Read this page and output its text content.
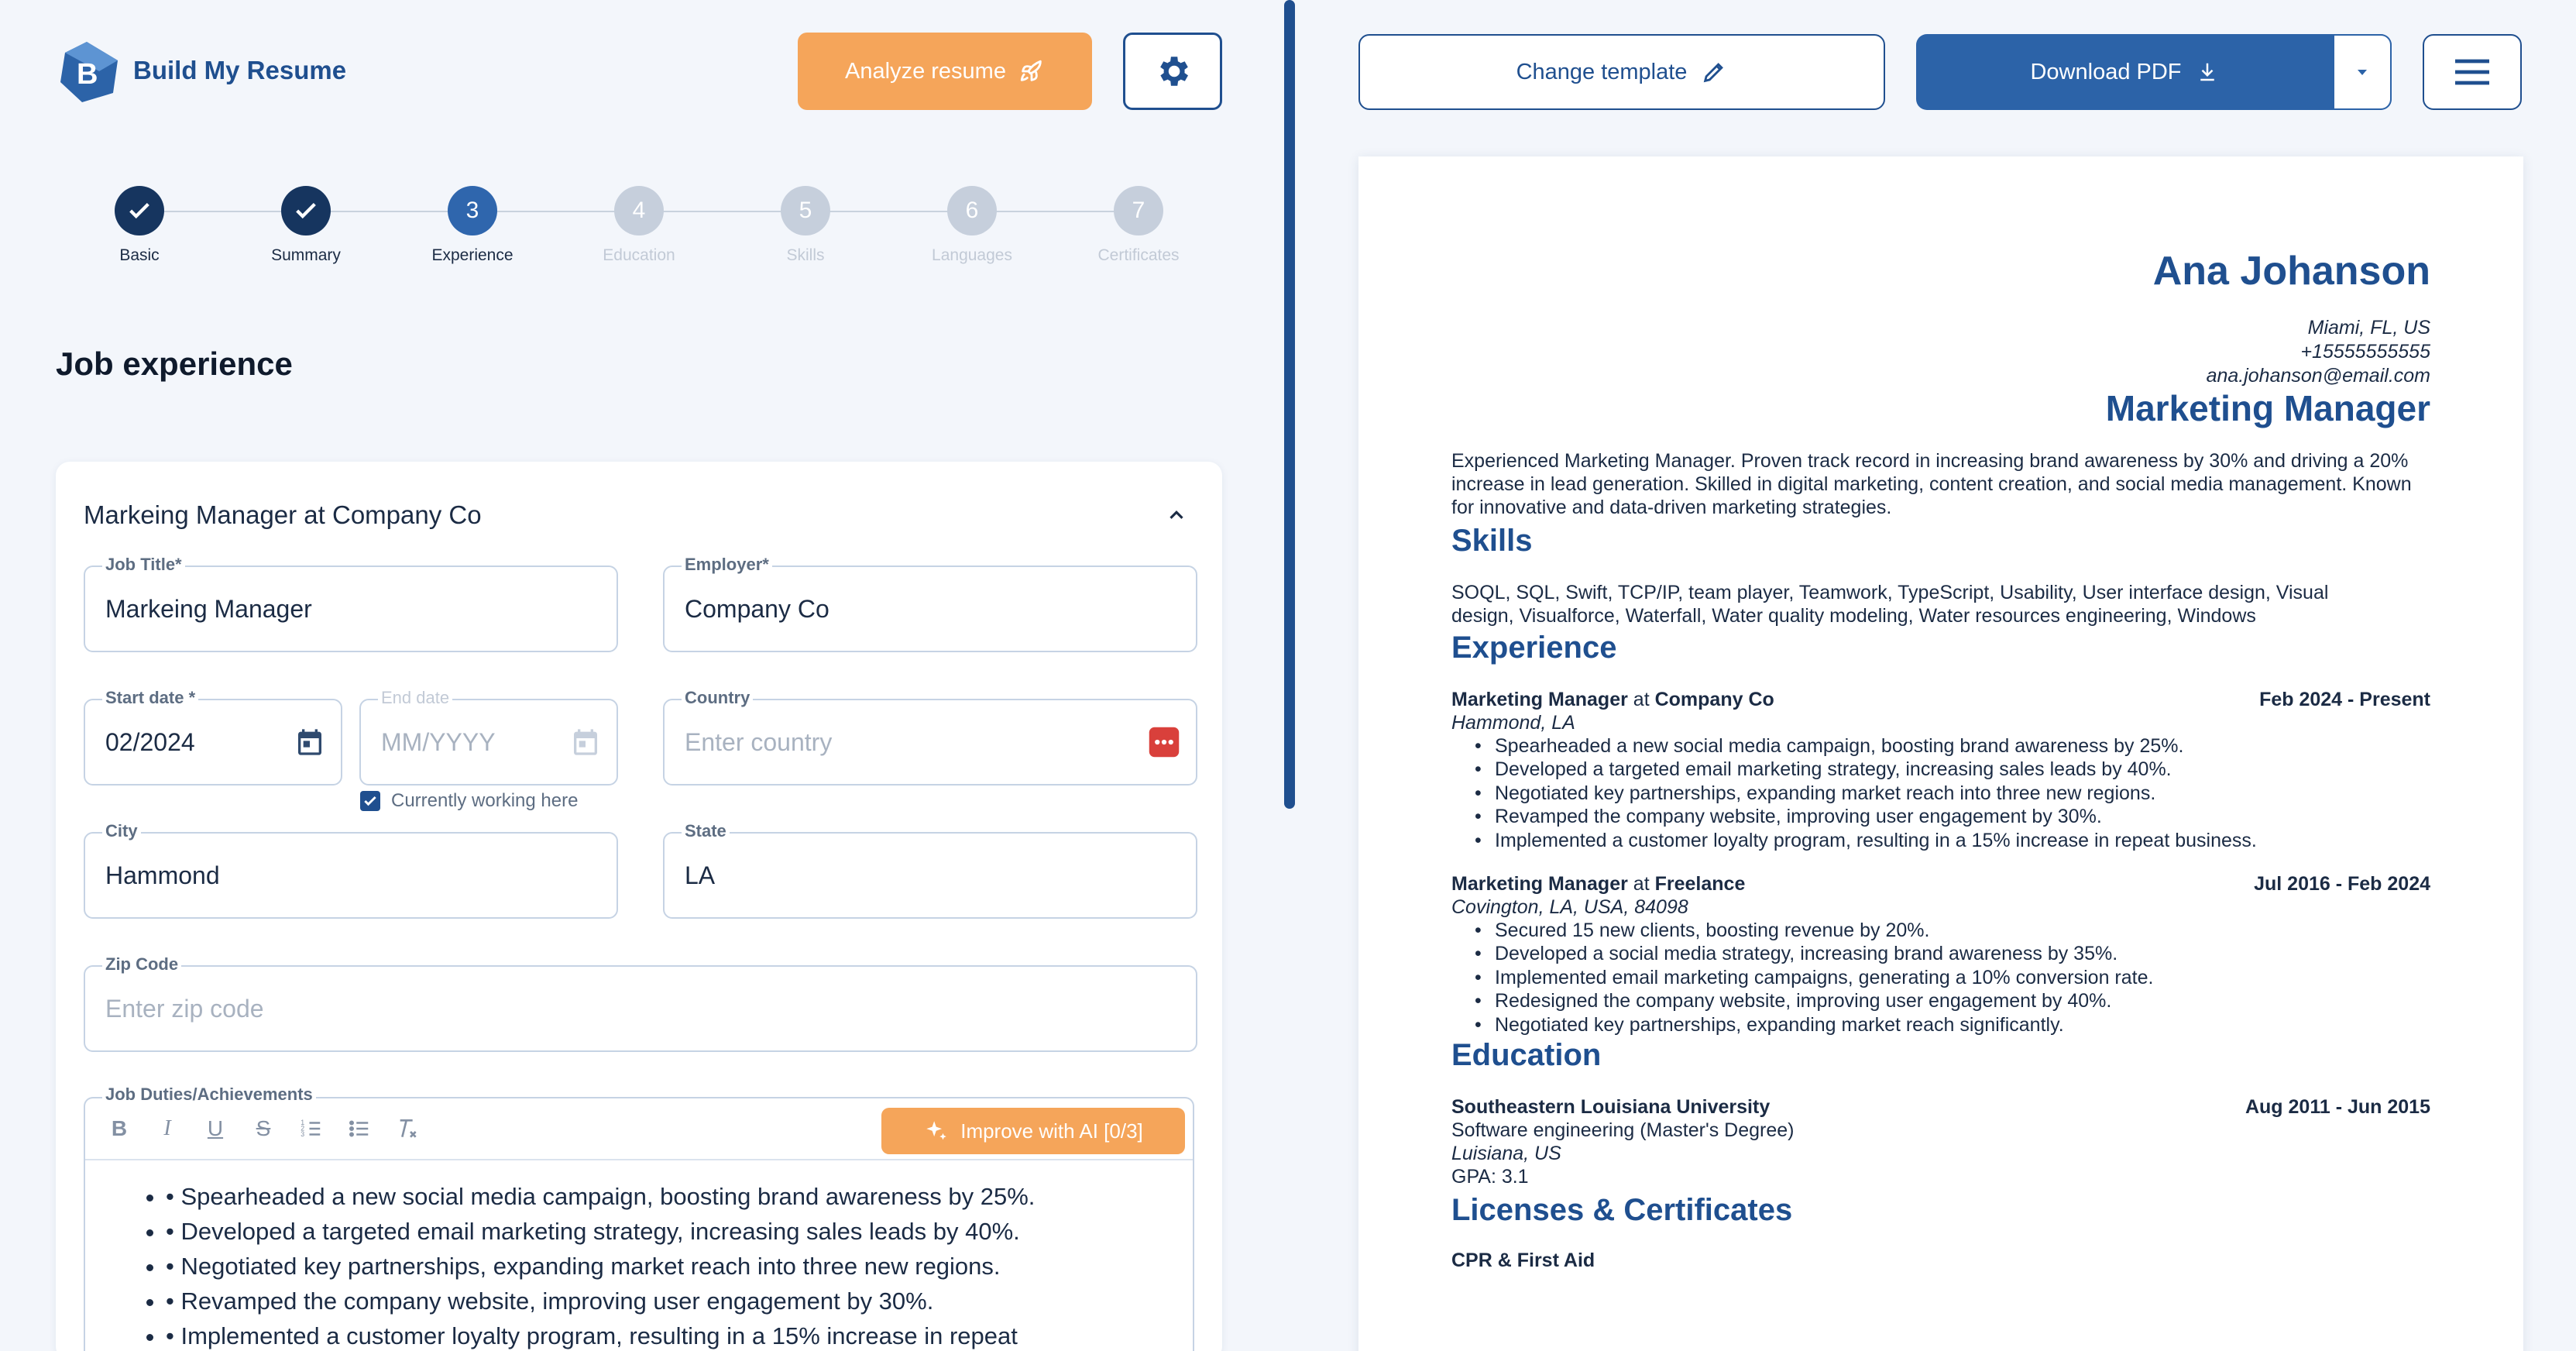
B Build My Resume	Analyze resume
Basic	Summary
3
Experience
4
Education
5
Skills
6
Languages
7
Certificates
Job experience
Markeing Manager at Company Co
Markeing Manager
Job Title*
Company Co
Employer*
02/2024
Start date *
MM/YYYY
End date
Enter country
Country
Currently working here
Hammond
City
LA
State
Enter zip code
Zip Code
B	I	U S	1
2
3	Improve with AI [0/3]
• • Spearheaded a new social media campaign, boosting brand awareness by 25%.
• • Developed a targeted email marketing strategy, increasing sales leads by 40%.
• • Negotiated key partnerships, expanding market reach into three new regions.
• • Revamped the company website, improving user engagement by 30%.
• • Implemented a customer loyalty program, resulting in a 15% increase in repeat
Job Duties/Achievements
Change template	Download PDF
Ana Johanson
Miami, FL, US
+15555555555
ana.johanson@email.com
Marketing Manager
Experienced Marketing Manager. Proven track record in increasing brand awareness by 30% and driving a 20% increase in lead generation. Skilled in digital marketing, content creation, and social media management. Known for innovative and data-driven marketing strategies.
Skills
SOQL, SQL, Swift, TCP/IP, team player, Teamwork, TypeScript, Usability, User interface design, Visual
design, Visualforce, Waterfall, Water quality modeling, Water resources engineering, Windows
Experience
Marketing Manager at Company Co	Feb 2024 - Present
Hammond, LA
• Spearheaded a new social media campaign, boosting brand awareness by 25%.
• Developed a targeted email marketing strategy, increasing sales leads by 40%.
• Negotiated key partnerships, expanding market reach into three new regions.
• Revamped the company website, improving user engagement by 30%.
• Implemented a customer loyalty program, resulting in a 15% increase in repeat business.
Marketing Manager at Freelance	Jul 2016 - Feb 2024
Covington, LA, USA, 84098
• Secured 15 new clients, boosting revenue by 20%.
• Developed a social media strategy, increasing brand awareness by 35%.
• Implemented email marketing campaigns, generating a 10% conversion rate.
• Redesigned the company website, improving user engagement by 40%.
• Negotiated key partnerships, expanding market reach significantly.
Education
Southeastern Louisiana University	Aug 2011 - Jun 2015
Software engineering (Master's Degree)
Luisiana, US
GPA: 3.1
Licenses & Certificates
CPR & First Aid
